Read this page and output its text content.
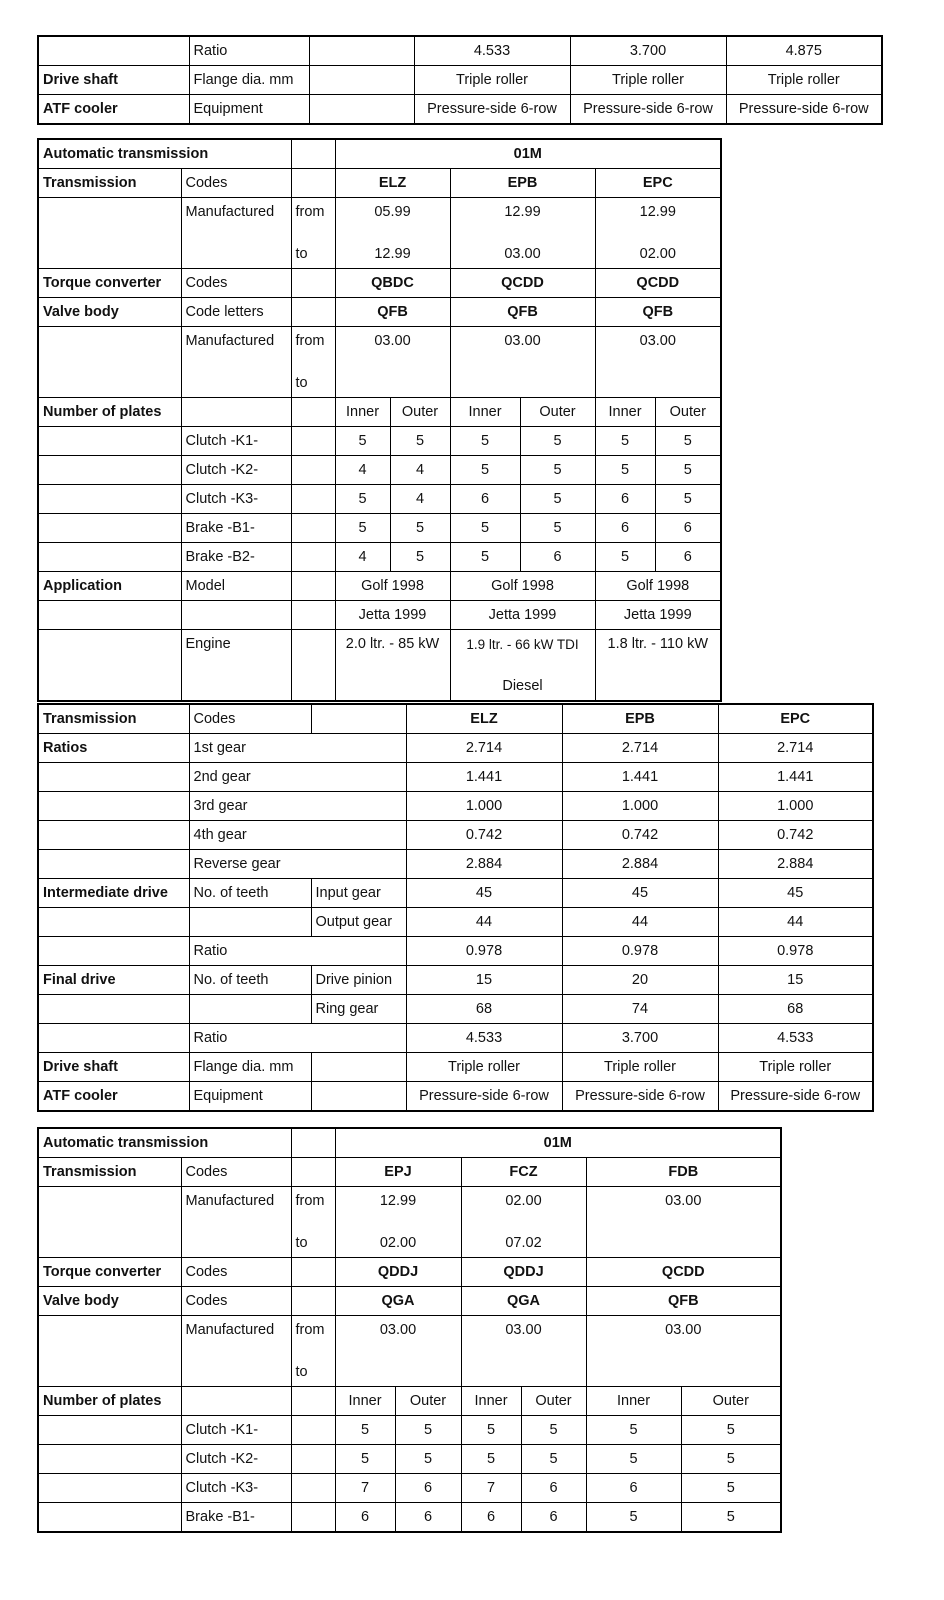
	Ratio		4.533	3.700	4.875
Drive shaft	Flange dia. mm		Triple roller	Triple roller	Triple roller
ATF cooler	Equipment		Pressure-side 6-row	Pressure-side 6-row	Pressure-side 6-row
Automatic transmission			01M					
Transmission	Codes		ELZ		EPB		EPC	
	Manufactured	from	05.99		12.99		12.99	
		to	12.99		03.00		02.00	
Torque converter	Codes		QBDC		QCDD		QCDD	
Valve body	Code letters		QFB		QFB		QFB	
	Manufactured	from	03.00		03.00		03.00	
		to						
Number of plates			Inner	Outer	Inner	Outer	Inner	Outer
	Clutch -K1-		5	5	5	5	5	5
	Clutch -K2-		4	4	5	5	5	5
	Clutch -K3-		5	4	6	5	6	5
	Brake -B1-		5	5	5	5	6	6
	Brake -B2-		4	5	5	6	5	6
Application	Model		Golf 1998		Golf 1998		Golf 1998	
			Jetta 1999		Jetta 1999		Jetta 1999	
	Engine		2.0 ltr. - 85 kW		1.9 ltr. - 66 kW TDI		1.8 ltr. - 110 kW	
					Diesel			
Transmission	Codes		ELZ	EPB	EPC
Ratios	1st gear		2.714	2.714	2.714
	2nd gear		1.441	1.441	1.441
	3rd gear		1.000	1.000	1.000
	4th gear		0.742	0.742	0.742
	Reverse gear		2.884	2.884	2.884
Intermediate drive	No. of teeth	Input gear	45	45	45
		Output gear	44	44	44
	Ratio		0.978	0.978	0.978
Final drive	No. of teeth	Drive pinion	15	20	15
		Ring gear	68	74	68
	Ratio		4.533	3.700	4.533
Drive shaft	Flange dia. mm		Triple roller	Triple roller	Triple roller
ATF cooler	Equipment		Pressure-side 6-row	Pressure-side 6-row	Pressure-side 6-row
Automatic transmission			01M					
Transmission	Codes		EPJ		FCZ		FDB	
	Manufactured	from	12.99		02.00		03.00	
		to	02.00		07.02			
Torque converter	Codes		QDDJ		QDDJ		QCDD	
Valve body	Codes		QGA		QGA		QFB	
	Manufactured	from	03.00		03.00		03.00	
		to						
Number of plates			Inner	Outer	Inner	Outer	Inner	Outer
	Clutch -K1-		5	5	5	5	5	5
	Clutch -K2-		5	5	5	5	5	5
	Clutch -K3-		7	6	7	6	6	5
	Brake -B1-		6	6	6	6	5	5
